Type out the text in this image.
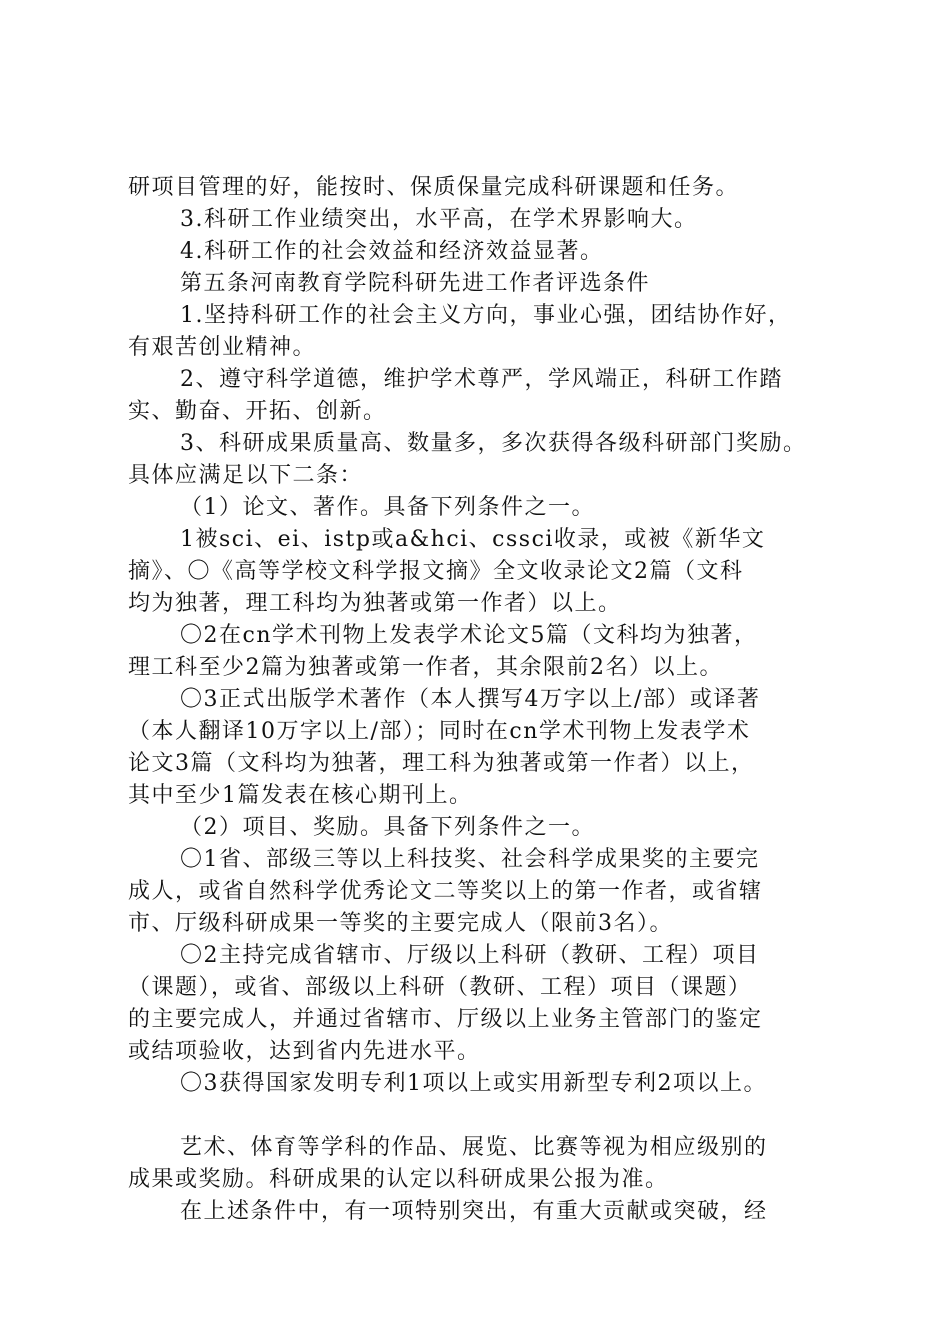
研项目管理的好，能按时、保质保量完成科研课题和任务。
3.科研工作业绩突出，水平高，在学术界影响大。
4.科研工作的社会效益和经济效益显著。
第五条河南教育学院科研先进工作者评选条件
1.坚持科研工作的社会主义方向，事业心强，团结协作好，
有艰苦创业精神。
2、遵守科学道德，维护学术尊严，学风端正，科研工作踏
实、勤奋、开拓、创新。
3、科研成果质量高、数量多，多次获得各级科研部门奖励。
具体应满足以下二条：
（1）论文、著作。具备下列条件之一。
1被sci、ei、istp或a&hci、cssci收录，或被《新华文
摘》、〇《高等学校文科学报文摘》全文收录论文2篇（文科
均为独著，理工科均为独著或第一作者）以上。
〇2在cn学术刊物上发表学术论文5篇（文科均为独著，
理工科至少2篇为独著或第一作者，其余限前2名）以上。
〇3正式出版学术著作（本人撰写4万字以上/部）或译著
（本人翻译10万字以上/部）；同时在cn学术刊物上发表学术
论文3篇（文科均为独著，理工科为独著或第一作者）以上，
其中至少1篇发表在核心期刊上。
（2）项目、奖励。具备下列条件之一。
〇1省、部级三等以上科技奖、社会科学成果奖的主要完
成人，或省自然科学优秀论文二等奖以上的第一作者，或省辖
市、厅级科研成果一等奖的主要完成人（限前3名）。
〇2主持完成省辖市、厅级以上科研（教研、工程）项目
（课题），或省、部级以上科研（教研、工程）项目（课题）
的主要完成人，并通过省辖市、厅级以上业务主管部门的鉴定
或结项验收，达到省内先进水平。
〇3获得国家发明专利1项以上或实用新型专利2项以上。
艺术、体育等学科的作品、展览、比赛等视为相应级别的
成果或奖励。科研成果的认定以科研成果公报为准。
在上述条件中，有一项特别突出，有重大贡献或突破，经
